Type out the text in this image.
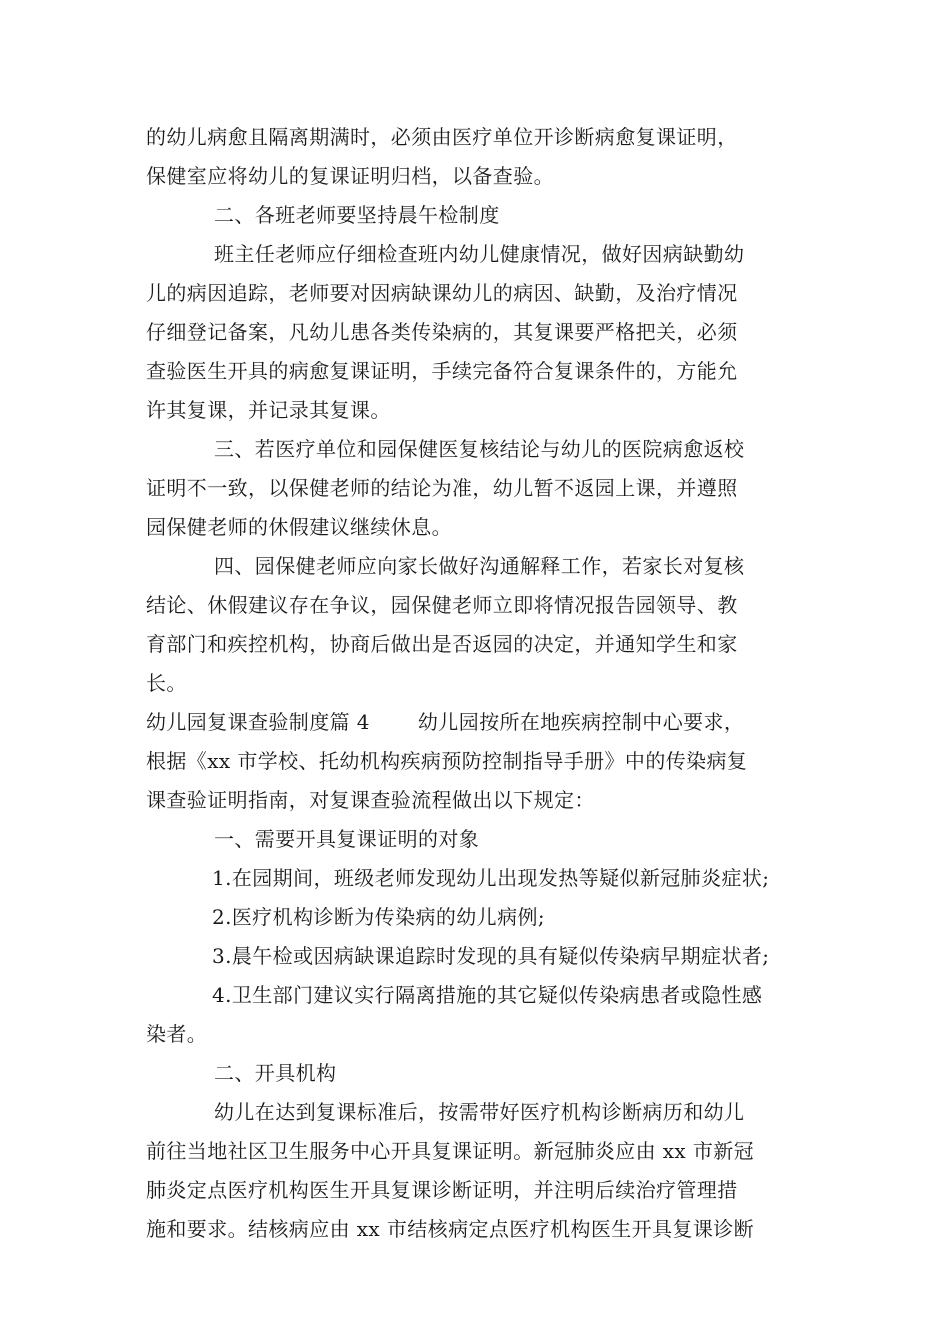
的幼儿病愈且隔离期满时，必须由医疗单位开诊断病愈复课证明，
保健室应将幼儿的复课证明归档，以备查验。
二、各班老师要坚持晨午检制度
班主任老师应仔细检查班内幼儿健康情况，做好因病缺勤幼
儿的病因追踪，老师要对因病缺课幼儿的病因、缺勤，及治疗情况
仔细登记备案，凡幼儿患各类传染病的，其复课要严格把关，必须
查验医生开具的病愈复课证明，手续完备符合复课条件的，方能允
许其复课，并记录其复课。
三、若医疗单位和园保健医复核结论与幼儿的医院病愈返校
证明不一致，以保健老师的结论为准，幼儿暂不返园上课，并遵照
园保健老师的休假建议继续休息。
四、园保健老师应向家长做好沟通解释工作，若家长对复核
结论、休假建议存在争议，园保健老师立即将情况报告园领导、教
育部门和疾控机构，协商后做出是否返园的决定，并通知学生和家
长。
幼儿园复课查验制度篇 4 幼儿园按所在地疾病控制中心要求，
根据《xx 市学校、托幼机构疾病预防控制指导手册》中的传染病复
课查验证明指南，对复课查验流程做出以下规定：
一、需要开具复课证明的对象
1.在园期间，班级老师发现幼儿出现发热等疑似新冠肺炎症状;
2.医疗机构诊断为传染病的幼儿病例;
3.晨午检或因病缺课追踪时发现的具有疑似传染病早期症状者;
4.卫生部门建议实行隔离措施的其它疑似传染病患者或隐性感
染者。
二、开具机构
幼儿在达到复课标准后，按需带好医疗机构诊断病历和幼儿
前往当地社区卫生服务中心开具复课证明。新冠肺炎应由 xx 市新冠
肺炎定点医疗机构医生开具复课诊断证明，并注明后续治疗管理措
施和要求。结核病应由 xx 市结核病定点医疗机构医生开具复课诊断
